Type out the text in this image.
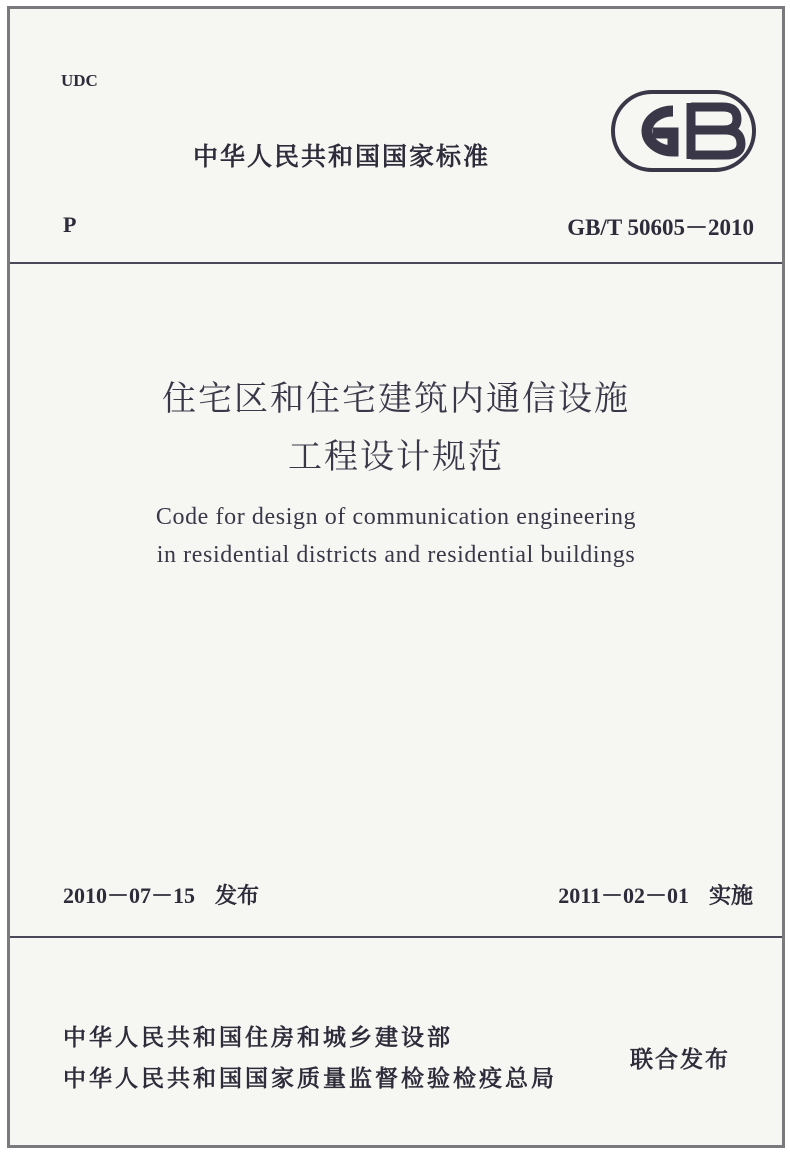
UDC
中华人民共和国国家标准
P	GB/T 50605－2010
住宅区和住宅建筑内通信设施
工程设计规范
Code for design of communication engineering
in residential districts and residential buildings
2010－07－15 发布	2011－02－01 实施
中华人民共和国住房和城乡建设部
中华人民共和国国家质量监督检验检疫总局
联合发布
